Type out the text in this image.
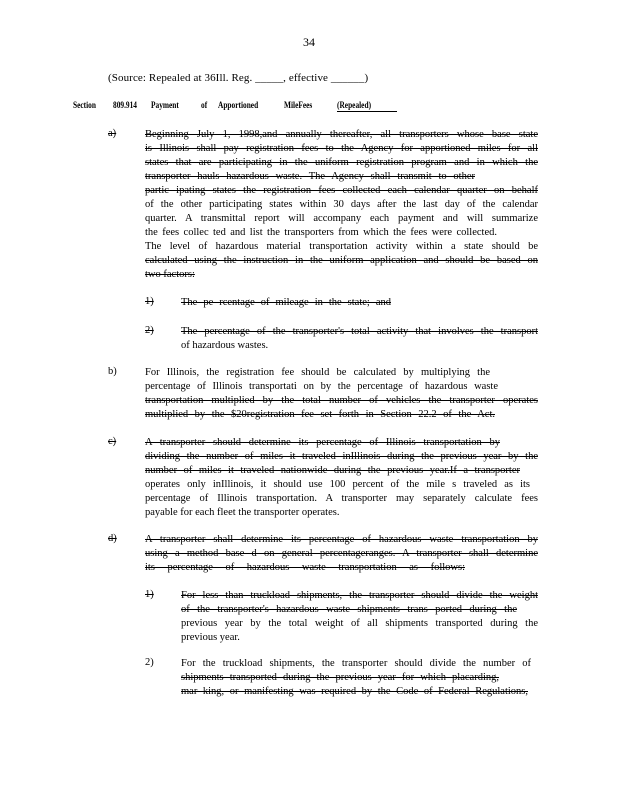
34
(Source: Repealed at 36Ill. Reg. _____, effective ______)
Section 809.914 Payment of Apportioned	MileFees	(Repealed)
a)	Beginning July 1, 1998,and annually thereafter, all transporters whose base state
is Illinois shall pay registration fees to the Agency for apportioned miles for all
states that are participating in the uniform registration program and in which the
transporter hauls hazardous waste. The Agency shall transmit to other
partic ipating states the registration fees collected each calendar quarter on behalf
of the other participating states within 30 days after the last day of the calendar
quarter. A transmittal report will accompany each payment and will summarize
the fees collec ted and list the transporters from which the fees were collected.
The level of hazardous material transportation activity within a state should be
calculated using the instruction in the uniform application and should be based on
two factors:
1)	The pe rcentage of mileage in the state; and
2)	The percentage of the transporter's total activity that involves the transport
of hazardous wastes.
b)	For Illinois, the registration fee should be calculated by multiplying the
percentage of Illinois transportati on by the percentage of hazardous waste
transportation multiplied by the total number of vehicles the transporter operates
multiplied by the $20registration fee set forth in Section 22.2 of the Act.
c)	A transporter should determine its percentage of Illinois transportation by
dividing the number of miles it traveled inIllinois during the previous year by the
number of miles it traveled nationwide during the previous year.If a transporter
operates only inIllinois, it should use 100 percent of the mile s traveled as its
percentage of Illinois transportation. A transporter may separately calculate fees
payable for each fleet the transporter operates.
d)	A transporter shall determine its percentage of hazardous waste transportation by
using a method base d on general percentageranges. A transporter shall determine
its percentage of hazardous waste transportation as follows:
1)	For less than truckload shipments, the transporter should divide the weight
of the transporter's hazardous waste shipments trans ported during the
previous year by the total weight of all shipments transported during the
previous year.
2)	For the truckload shipments, the transporter should divide the number of
shipments transported during the previous year for which placarding,
mar king, or manifesting was required by the Code of Federal Regulations,
